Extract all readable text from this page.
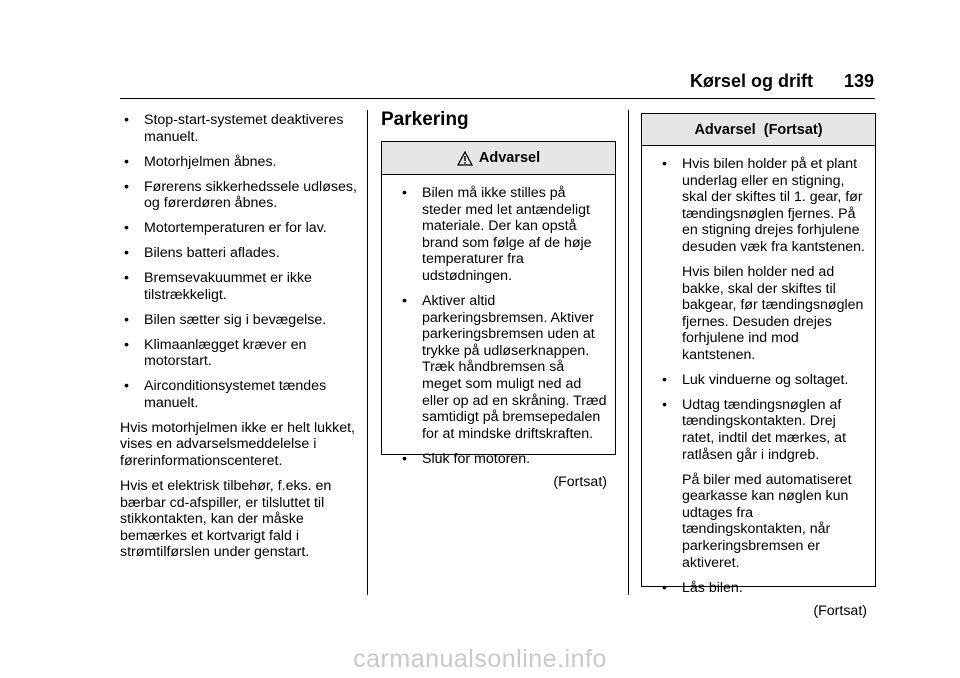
Kørsel og drift 139
• Stop-start-systemet deaktiveres manuelt.
• Motorhjelmen åbnes.
• Førerens sikkerhedssele udløses, og førerdøren åbnes.
• Motortemperaturen er for lav.
• Bilens batteri aflades.
• Bremsevakuummet er ikke tilstrækkeligt.
• Bilen sætter sig i bevægelse.
• Klimaanlægget kræver en motorstart.
• Airconditionsystemet tændes manuelt.

Hvis motorhjelmen ikke er helt lukket, vises en advarselsmeddelelse i førerinformationscenteret.

Hvis et elektrisk tilbehør, f.eks. en bærbar cd-afspiller, er tilsluttet til stikkontakten, kan der måske bemærkes et kortvarigt fald i strømtilførslen under genstart.

Parkering
Advarsel
• Bilen må ikke stilles på steder med let antændeligt materiale. Der kan opstå brand som følge af de høje temperaturer fra udstødningen.
• Aktiver altid parkeringsbremsen. Aktiver parkeringsbremsen uden at trykke på udløserknappen. Træk håndbremsen så meget som muligt ned ad eller op ad en skråning. Træd samtidigt på bremsepedalen for at mindske driftskraften.
• Sluk for motoren.
(Fortsat)
Advarsel  (Fortsat)
• Hvis bilen holder på et plant underlag eller en stigning, skal der skiftes til 1. gear, før tændingsnøglen fjernes. På en stigning drejes forhjulene desuden væk fra kantstenen.
Hvis bilen holder ned ad bakke, skal der skiftes til bakgear, før tændingsnøglen fjernes. Desuden drejes forhjulene ind mod kantstenen.
• Luk vinduerne og soltaget.
• Udtag tændingsnøglen af tændingskontakten. Drej ratet, indtil det mærkes, at ratlåsen går i indgreb.
På biler med automatiseret gearkasse kan nøglen kun udtages fra tændingskontakten, når parkeringsbremsen er aktiveret.
• Lås bilen.
(Fortsat)
carmanualsonline.info
